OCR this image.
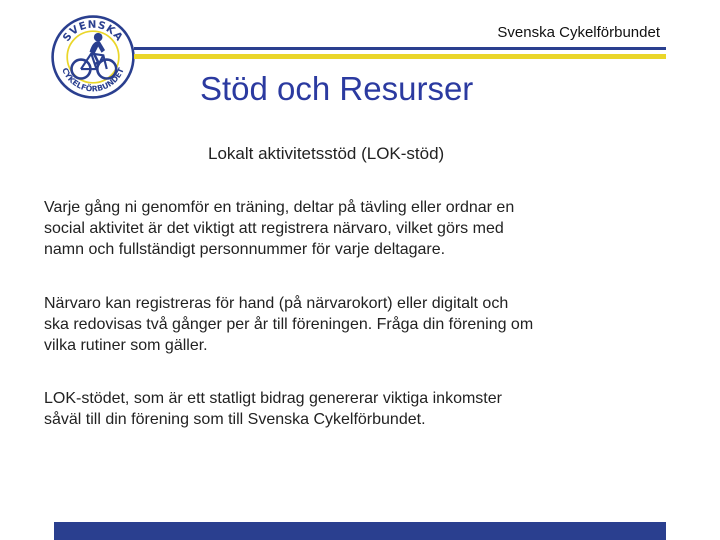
SVENSKA
CYKELFÖRBUNDET
Svenska Cykelförbundet
Stöd och Resurser
Lokalt aktivitetsstöd (LOK-stöd)

Varje gång ni genomför en träning, deltar på tävling eller ordnar en
social aktivitet är det viktigt att registrera närvaro, vilket görs med
namn och fullständigt personnummer för varje deltagare.

Närvaro kan registreras för hand (på närvarokort) eller digitalt och
ska redovisas två gånger per år till föreningen. Fråga din förening om
vilka rutiner som gäller.

LOK-stödet, som är ett statligt bidrag genererar viktiga inkomster
såväl till din förening som till Svenska Cykelförbundet.
